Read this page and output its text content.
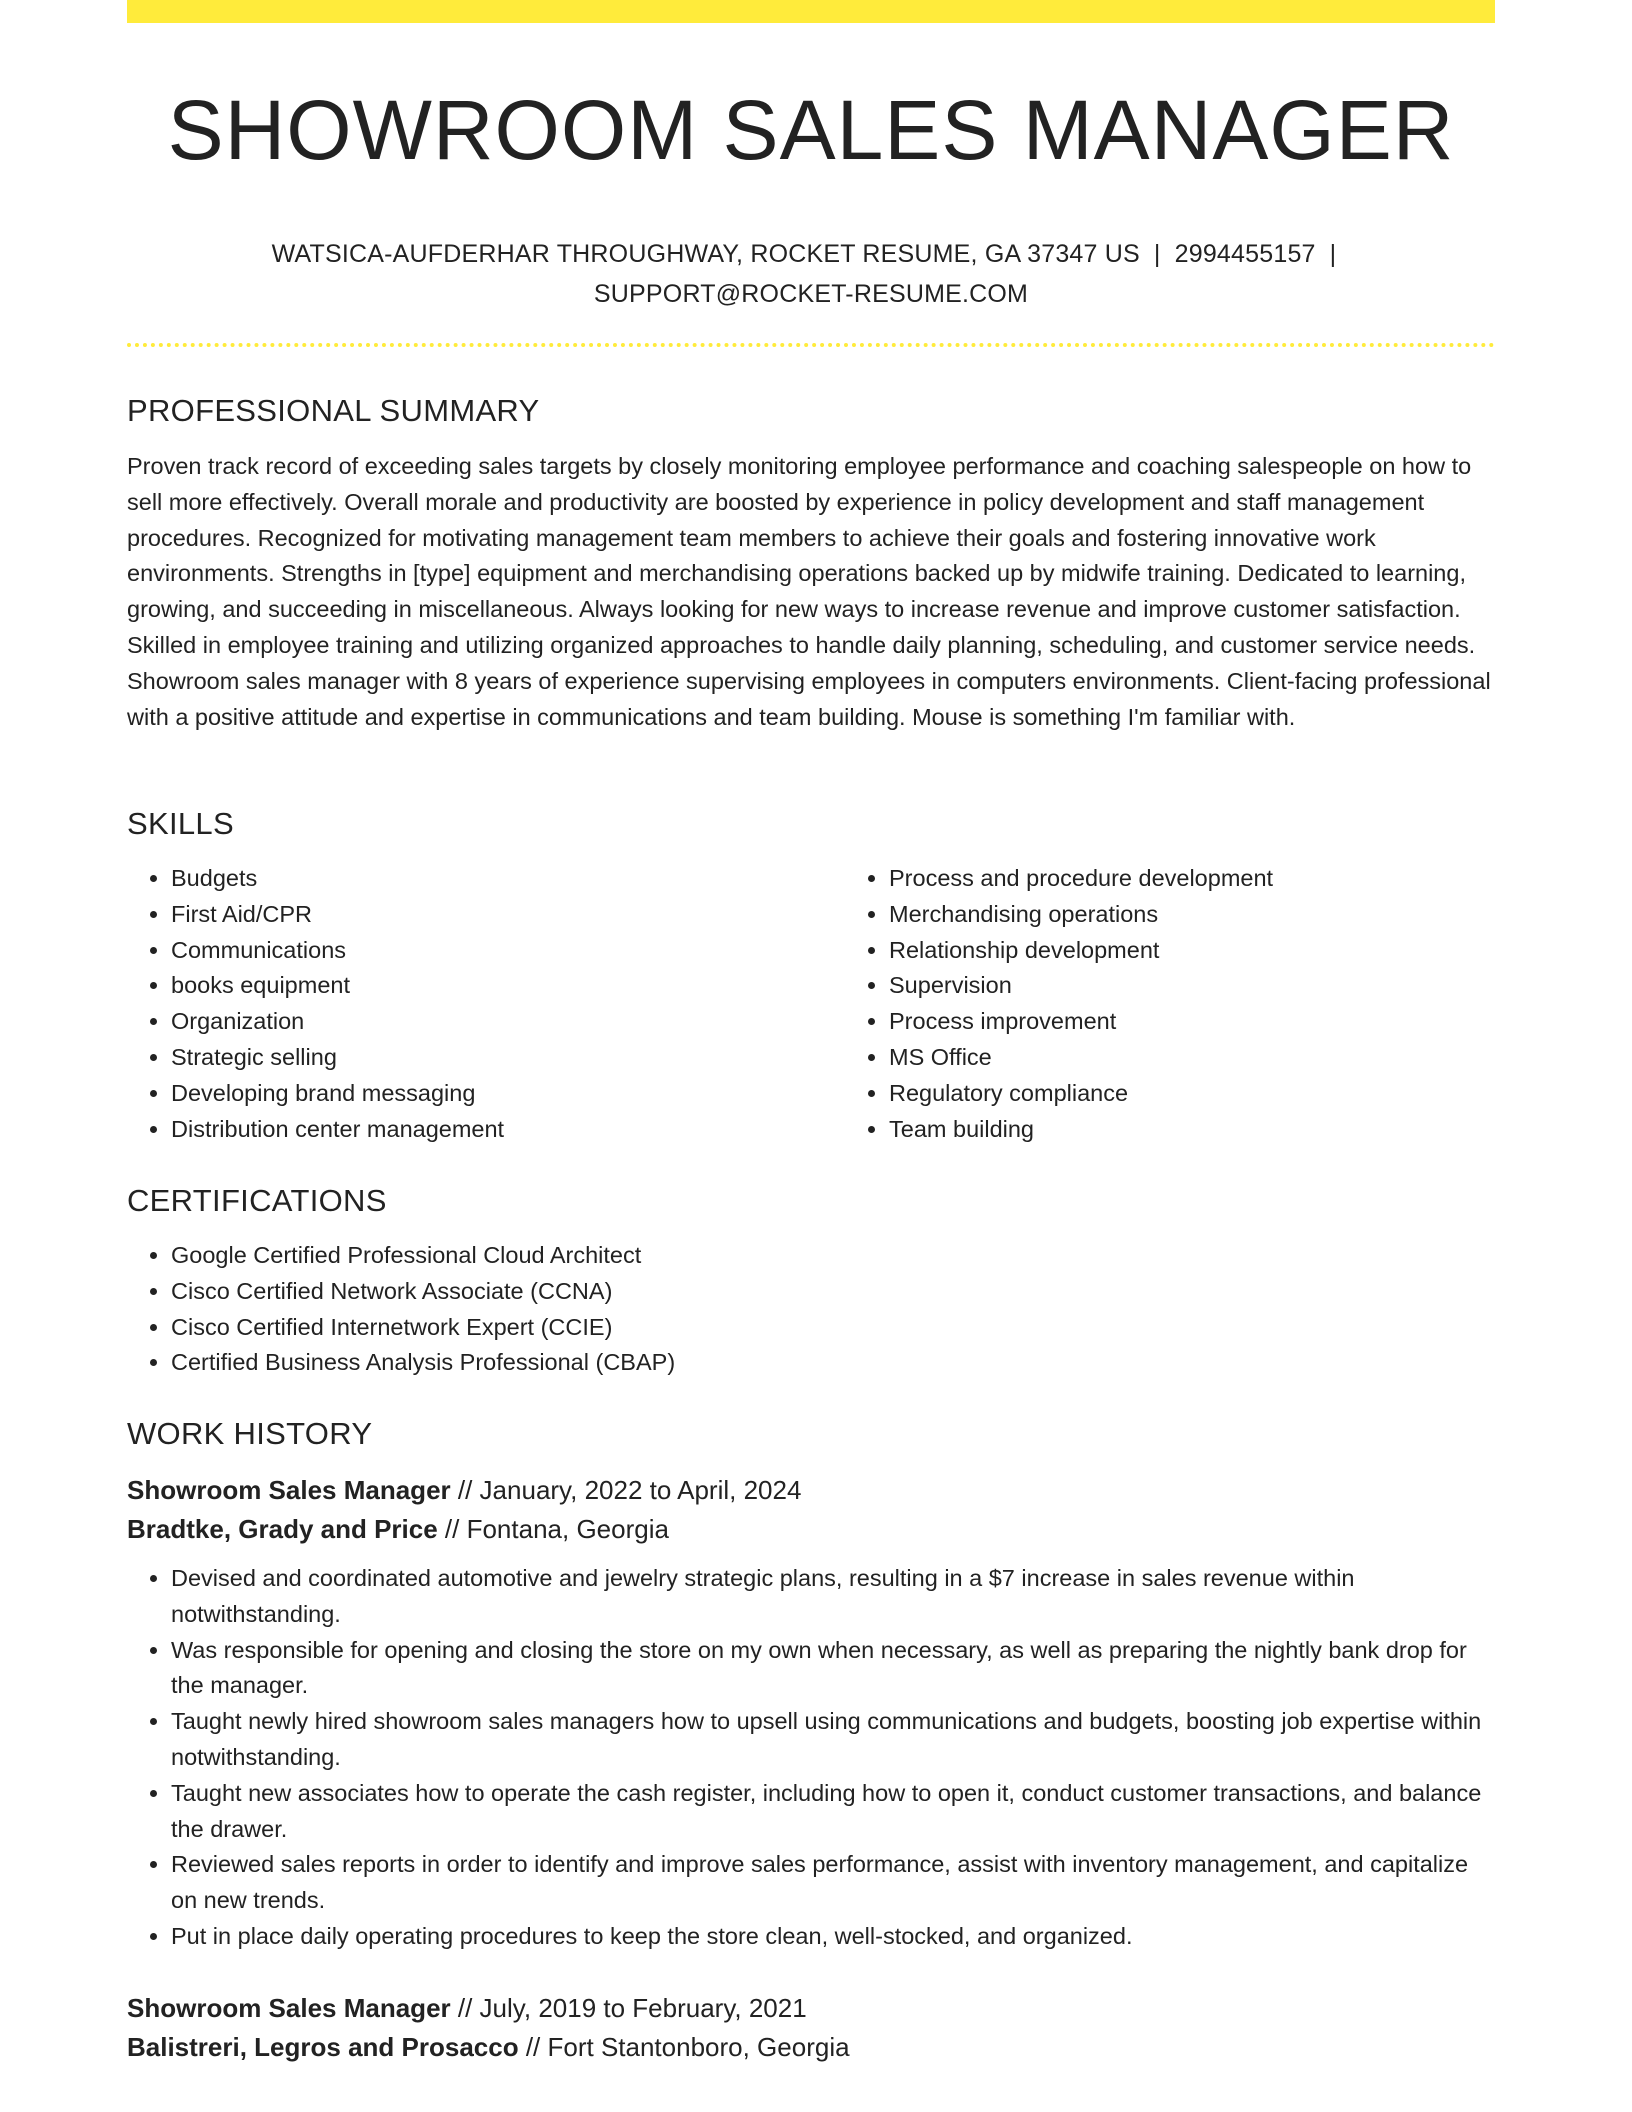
SHOWROOM SALES MANAGER
WATSICA-AUFDERHAR THROUGHWAY, ROCKET RESUME, GA 37347 US | 2994455157 |
SUPPORT@ROCKET-RESUME.COM
PROFESSIONAL SUMMARY

Proven track record of exceeding sales targets by closely monitoring employee performance and coaching salespeople on how to sell more effectively. Overall morale and productivity are boosted by experience in policy development and staff management procedures. Recognized for motivating management team members to achieve their goals and fostering innovative work environments. Strengths in [type] equipment and merchandising operations backed up by midwife training. Dedicated to learning, growing, and succeeding in miscellaneous. Always looking for new ways to increase revenue and improve customer satisfaction. Skilled in employee training and utilizing organized approaches to handle daily planning, scheduling, and customer service needs. Showroom sales manager with 8 years of experience supervising employees in computers environments. Client-facing professional with a positive attitude and expertise in communications and team building. Mouse is something I'm familiar with.

SKILLS
• Budgets
• First Aid/CPR
• Communications
• books equipment
• Organization
• Strategic selling
• Developing brand messaging
• Distribution center management
• Process and procedure development
• Merchandising operations
• Relationship development
• Supervision
• Process improvement
• MS Office
• Regulatory compliance
• Team building
CERTIFICATIONS
• Google Certified Professional Cloud Architect
• Cisco Certified Network Associate (CCNA)
• Cisco Certified Internetwork Expert (CCIE)
• Certified Business Analysis Professional (CBAP)
WORK HISTORY

Showroom Sales Manager // January, 2022 to April, 2024

Bradtke, Grady and Price // Fontana, Georgia

• Devised and coordinated automotive and jewelry strategic plans, resulting in a $7 increase in sales revenue within notwithstanding.
• Was responsible for opening and closing the store on my own when necessary, as well as preparing the nightly bank drop for the manager.
• Taught newly hired showroom sales managers how to upsell using communications and budgets, boosting job expertise within notwithstanding.
• Taught new associates how to operate the cash register, including how to open it, conduct customer transactions, and balance the drawer.
• Reviewed sales reports in order to identify and improve sales performance, assist with inventory management, and capitalize on new trends.
• Put in place daily operating procedures to keep the store clean, well-stocked, and organized.

Showroom Sales Manager // July, 2019 to February, 2021

Balistreri, Legros and Prosacco // Fort Stantonboro, Georgia
